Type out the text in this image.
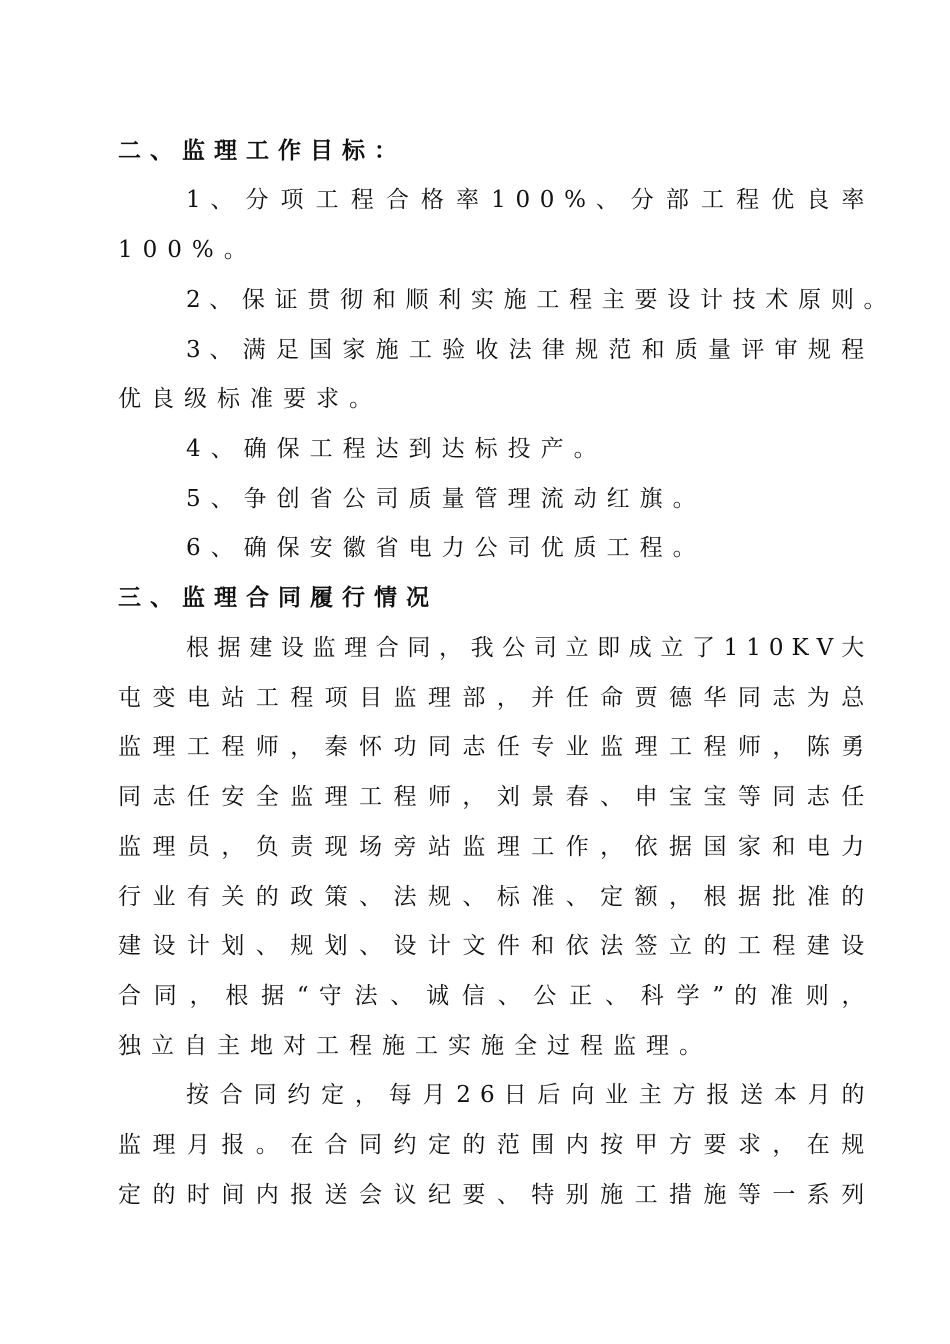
二、监理工作目标：
1 、 分 项 工 程 合 格 率 1 0 0 % 、 分 部 工 程 优 良 率
100%。
2 、 保 证 贯 彻 和 顺 利 实 施 工 程 主 要 设 计 技 术 原 则 。
3 、 满 足 国 家 施 工 验 收 法 律 规 范 和 质 量 评 审 规 程
优良级标准要求。
4、确保工程达到达标投产。
5、争创省公司质量管理流动红旗。
6、确保安徽省电力公司优质工程。
三、监理合同履行情况
根 据 建 设 监 理 合 同 ， 我 公 司 立 即 成 立 了 1 1 0 K V 大
屯 变 电 站 工 程 项 目 监 理 部 ， 并 任 命 贾 德 华 同 志 为 总
监 理 工 程 师 ， 秦 怀 功 同 志 任 专 业 监 理 工 程 师 ， 陈 勇
同 志 任 安 全 监 理 工 程 师 ， 刘 景 春 、 申 宝 宝 等 同 志 任
监 理 员 ， 负 责 现 场 旁 站 监 理 工 作 ， 依 据 国 家 和 电 力
行 业 有 关 的 政 策 、 法 规 、 标 准 、 定 额 ， 根 据 批 准 的
建 设 计 划 、 规 划 、 设 计 文 件 和 依 法 签 立 的 工 程 建 设
合 同 ， 根 据 “ 守 法 、 诚 信 、 公 正 、 科 学 ” 的 准 则 ，
独立自主地对工程施工实施全过程监理。
按 合 同 约 定 ， 每 月 2 6 日 后 向 业 主 方 报 送 本 月 的
监 理 月 报 。 在 合 同 约 定 的 范 围 内 按 甲 方 要 求 ， 在 规
定 的 时 间 内 报 送 会 议 纪 要 、 特 别 施 工 措 施 等 一 系 列
